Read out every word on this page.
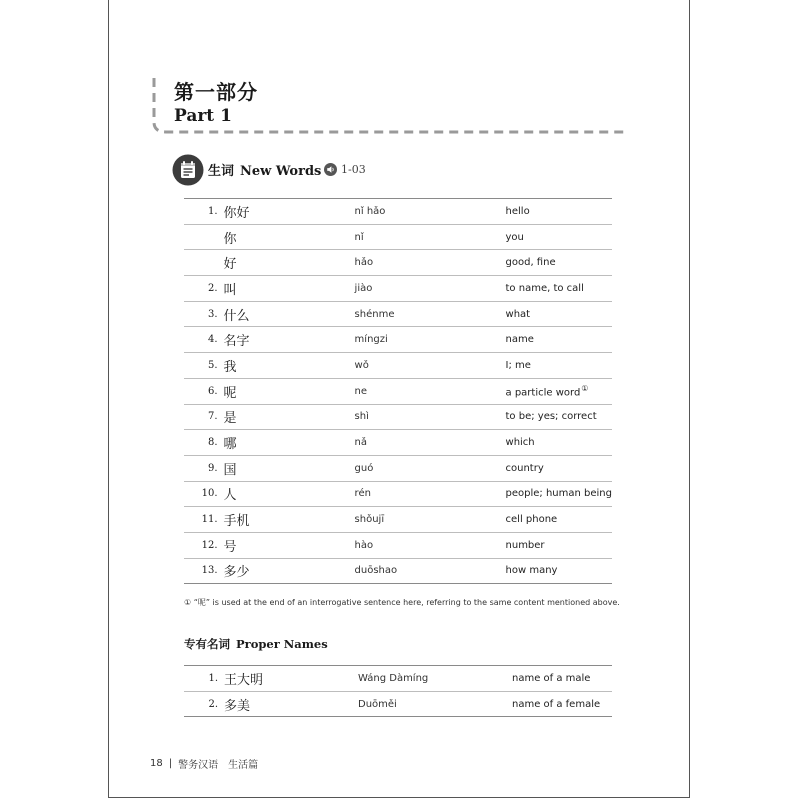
第一部分
Part 1
生词 New Words 1-03
1.	你好	nǐ hǎo	hello
	你	nǐ	you
	好	hǎo	good, fine
2.	叫	jiào	to name, to call
3.	什么	shénme	what
4.	名字	míngzi	name
5.	我	wǒ	I; me
6.	呢	ne	a particle word①
7.	是	shì	to be; yes; correct
8.	哪	nǎ	which
9.	国	guó	country
10.	人	rén	people; human being
11.	手机	shǒujī	cell phone
12.	号	hào	number
13.	多少	duōshao	how many
① “呢” is used at the end of an interrogative sentence here, referring to the same content mentioned above.
专有名词 Proper Names
1.	王大明	Wáng Dàmíng	name of a male
2.	多美	Duōměi	name of a female
18 | 警务汉语 生活篇
